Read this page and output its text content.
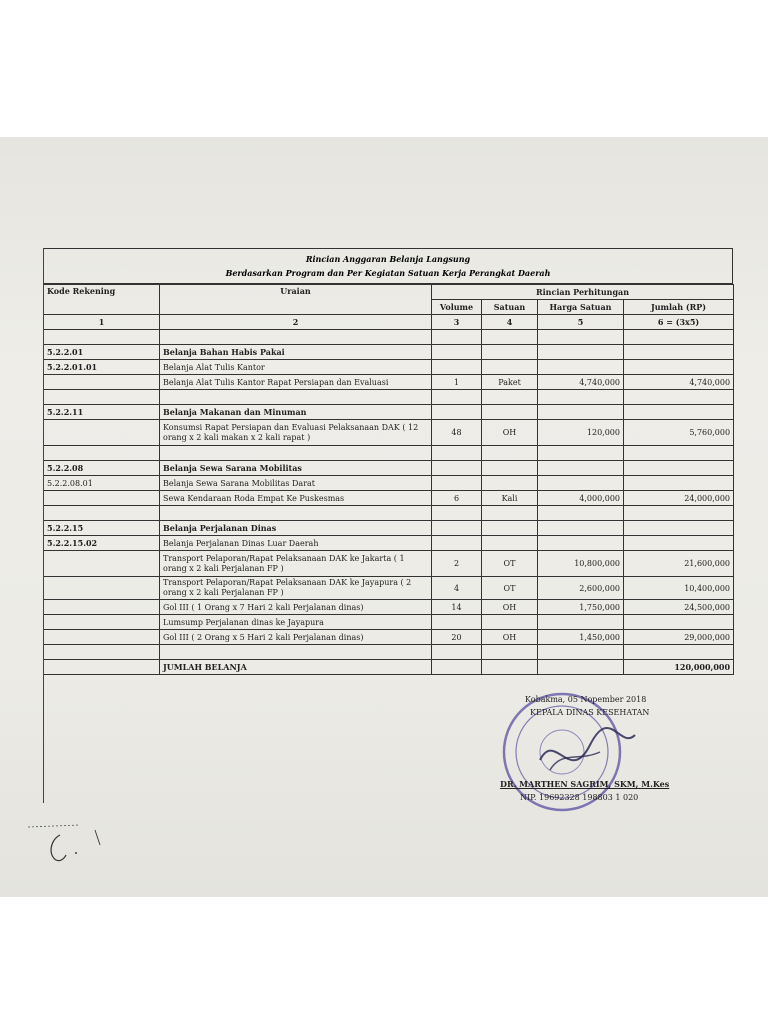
Rincian Anggaran Belanja Langsung
Berdasarkan Program dan Per Kegiatan Satuan Kerja Perangkat Daerah
Kode Rekening	Uraian	Rincian Perhitungan			
		Volume	Satuan	Harga Satuan	Jumlah (RP)
1	2	3	4	5	6 = (3x5)

5.2.2.01	Belanja Bahan Habis Pakai				
5.2.2.01.01	Belanja Alat Tulis Kantor				
	Belanja Alat Tulis Kantor Rapat Persiapan dan Evaluasi	1	Paket	4,740,000	4,740,000

5.2.2.11	Belanja Makanan dan Minuman				
	Konsumsi Rapat Persiapan dan Evaluasi Pelaksanaan DAK ( 12 orang x 2 kali makan x 2 kali rapat )	48	OH	120,000	5,760,000

5.2.2.08	Belanja Sewa Sarana Mobilitas				
5.2.2.08.01	Belanja Sewa Sarana Mobilitas Darat				
	Sewa Kendaraan Roda Empat Ke Puskesmas	6	Kali	4,000,000	24,000,000

5.2.2.15	Belanja Perjalanan Dinas				
5.2.2.15.02	Belanja Perjalanan Dinas Luar Daerah				
	Transport Pelaporan/Rapat Pelaksanaan DAK ke Jakarta ( 1 orang x 2 kali Perjalanan FP )	2	OT	10,800,000	21,600,000
	Transport Pelaporan/Rapat Pelaksanaan DAK ke Jayapura ( 2 orang x 2 kali Perjalanan FP )	4	OT	2,600,000	10,400,000
	Gol III ( 1 Orang x 7 Hari 2 kali Perjalanan dinas)	14	OH	1,750,000	24,500,000
	Lumsump Perjalanan dinas ke Jayapura				
	Gol III ( 2 Orang x 5 Hari 2 kali Perjalanan dinas)	20	OH	1,450,000	29,000,000

	JUMLAH BELANJA				120,000,000
Kobakma, 05 Nopember 2018
KEPALA DINAS KESEHATAN
DR. MARTHEN SAGRIM, SKM, M.Kes
NIP. 19692328 198803 1 020
